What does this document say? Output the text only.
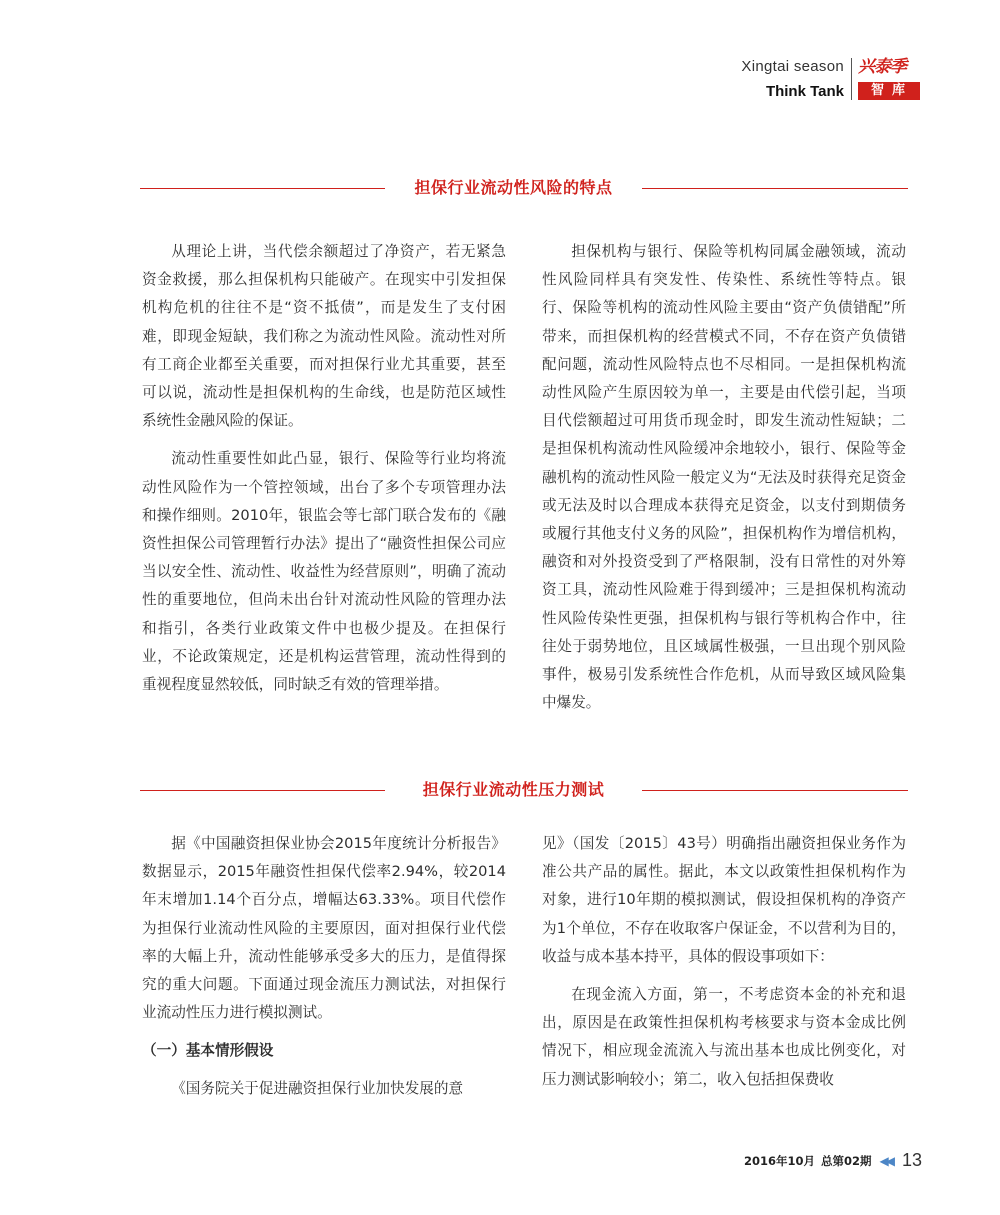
Xingtai season
Think Tank
兴泰季
智库
担保行业流动性风险的特点

从理论上讲，当代偿余额超过了净资产，若无紧急资金救援，那么担保机构只能破产。在现实中引发担保机构危机的往往不是“资不抵债”，而是发生了支付困难，即现金短缺，我们称之为流动性风险。流动性对所有工商企业都至关重要，而对担保行业尤其重要，甚至可以说，流动性是担保机构的生命线，也是防范区域性系统性金融风险的保证。

流动性重要性如此凸显，银行、保险等行业均将流动性风险作为一个管控领域，出台了多个专项管理办法和操作细则。2010年，银监会等七部门联合发布的《融资性担保公司管理暂行办法》提出了“融资性担保公司应当以安全性、流动性、收益性为经营原则”，明确了流动性的重要地位，但尚未出台针对流动性风险的管理办法和指引，各类行业政策文件中也极少提及。在担保行业，不论政策规定，还是机构运营管理，流动性得到的重视程度显然较低，同时缺乏有效的管理举措。

担保机构与银行、保险等机构同属金融领域，流动性风险同样具有突发性、传染性、系统性等特点。银行、保险等机构的流动性风险主要由“资产负债错配”所带来，而担保机构的经营模式不同，不存在资产负债错配问题，流动性风险特点也不尽相同。一是担保机构流动性风险产生原因较为单一，主要是由代偿引起，当项目代偿额超过可用货币现金时，即发生流动性短缺；二是担保机构流动性风险缓冲余地较小，银行、保险等金融机构的流动性风险一般定义为“无法及时获得充足资金或无法及时以合理成本获得充足资金，以支付到期债务或履行其他支付义务的风险”，担保机构作为增信机构，融资和对外投资受到了严格限制，没有日常性的对外筹资工具，流动性风险难于得到缓冲；三是担保机构流动性风险传染性更强，担保机构与银行等机构合作中，往往处于弱势地位，且区域属性极强，一旦出现个别风险事件，极易引发系统性合作危机，从而导致区域风险集中爆发。

担保行业流动性压力测试

据《中国融资担保业协会2015年度统计分析报告》数据显示，2015年融资性担保代偿率2.94%，较2014年末增加1.14个百分点，增幅达63.33%。项目代偿作为担保行业流动性风险的主要原因，面对担保行业代偿率的大幅上升，流动性能够承受多大的压力，是值得探究的重大问题。下面通过现金流压力测试法，对担保行业流动性压力进行模拟测试。

（一）基本情形假设

《国务院关于促进融资担保行业加快发展的意

见》（国发〔2015〕43号）明确指出融资担保业务作为准公共产品的属性。据此，本文以政策性担保机构作为对象，进行10年期的模拟测试，假设担保机构的净资产为1个单位，不存在收取客户保证金，不以营利为目的，收益与成本基本持平，具体的假设事项如下：

在现金流入方面，第一，不考虑资本金的补充和退出，原因是在政策性担保机构考核要求与资本金成比例情况下，相应现金流流入与流出基本也成比例变化，对压力测试影响较小；第二，收入包括担保费收

2016年10月 总第02期 ◀◀ 13
